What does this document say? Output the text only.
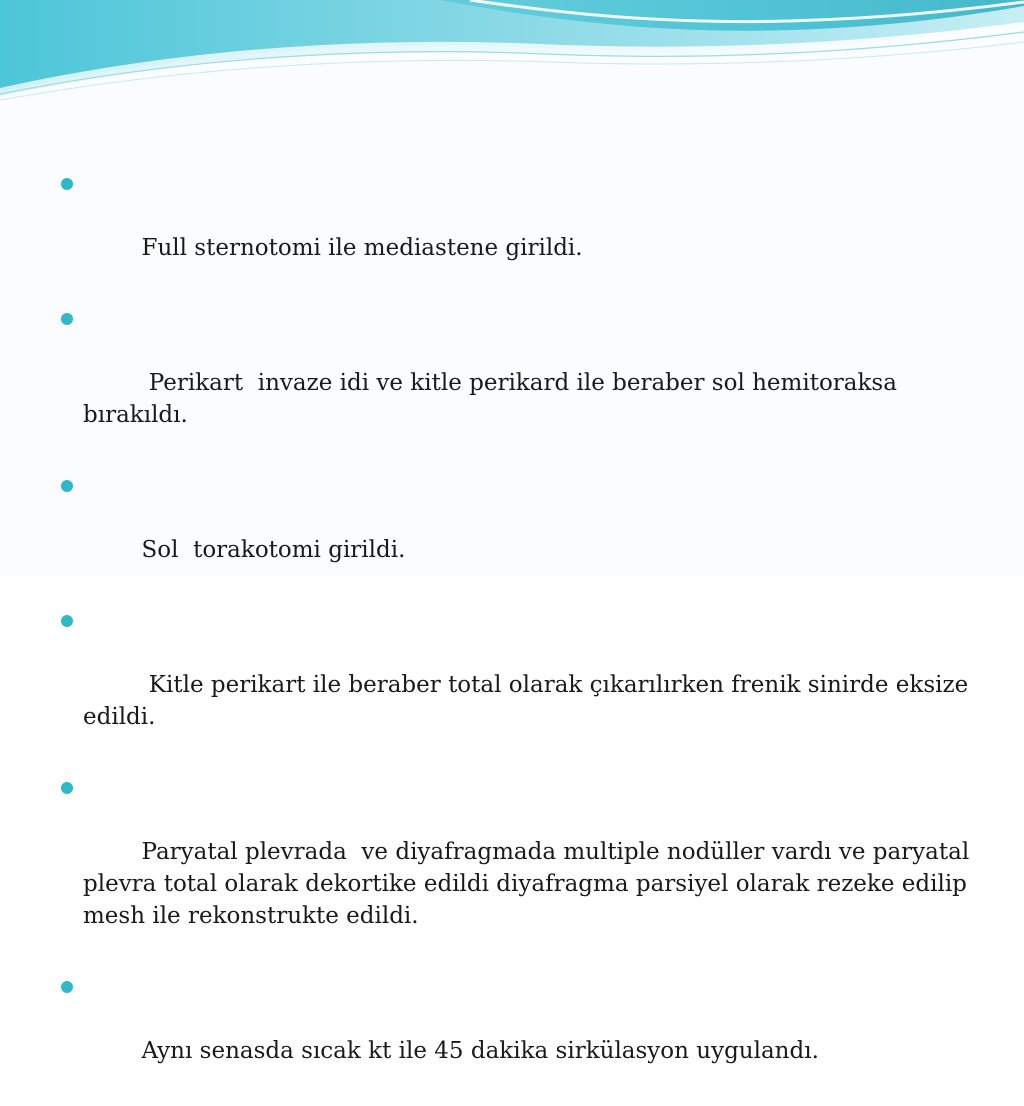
Full sternotomi ile mediastene girildi.

Perikart  invaze idi ve kitle perikard ile beraber sol hemitoraksa bırakıldı.

Sol  torakotomi girildi.

Kitle perikart ile beraber total olarak çıkarılırken frenik sinirde eksize edildi.

Paryatal plevrada  ve diyafragmada multiple nodüller vardı ve paryatal plevra total olarak dekortike edildi diyafragma parsiyel olarak rezeke edilip mesh ile rekonstrukte edildi.

Aynı senasda sıcak kt ile 45 dakika sirkülasyon uygulandı.
